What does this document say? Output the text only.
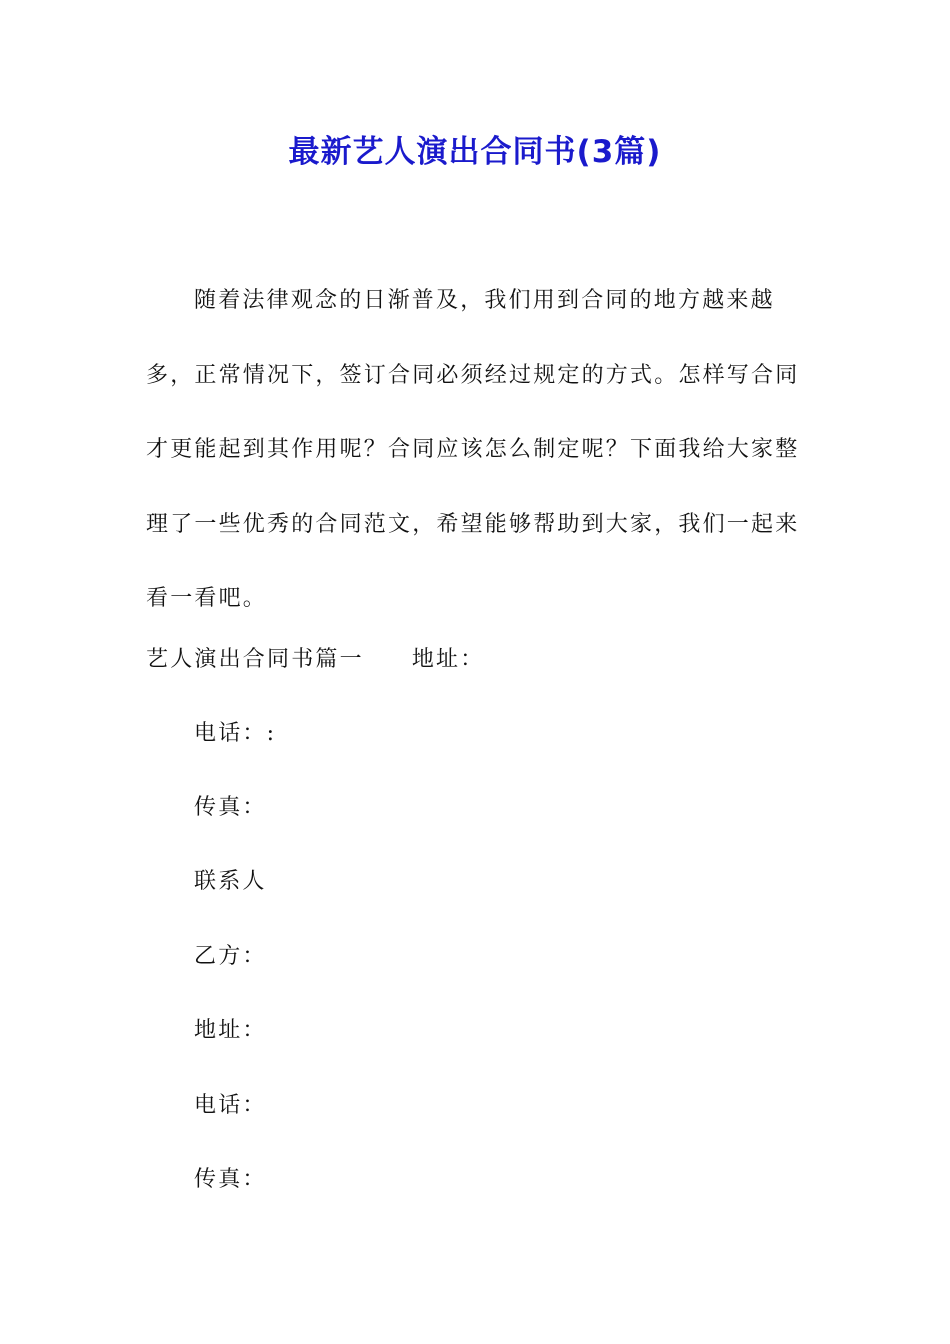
最新艺人演出合同书(3篇)

随着法律观念的日渐普及，我们用到合同的地方越来越多，正常情况下，签订合同必须经过规定的方式。怎样写合同才更能起到其作用呢？合同应该怎么制定呢？下面我给大家整理了一些优秀的合同范文，希望能够帮助到大家，我们一起来看一看吧。

艺人演出合同书篇一 地址：
电话：:
传真：
联系人
乙方：
地址：
电话：
传真：
